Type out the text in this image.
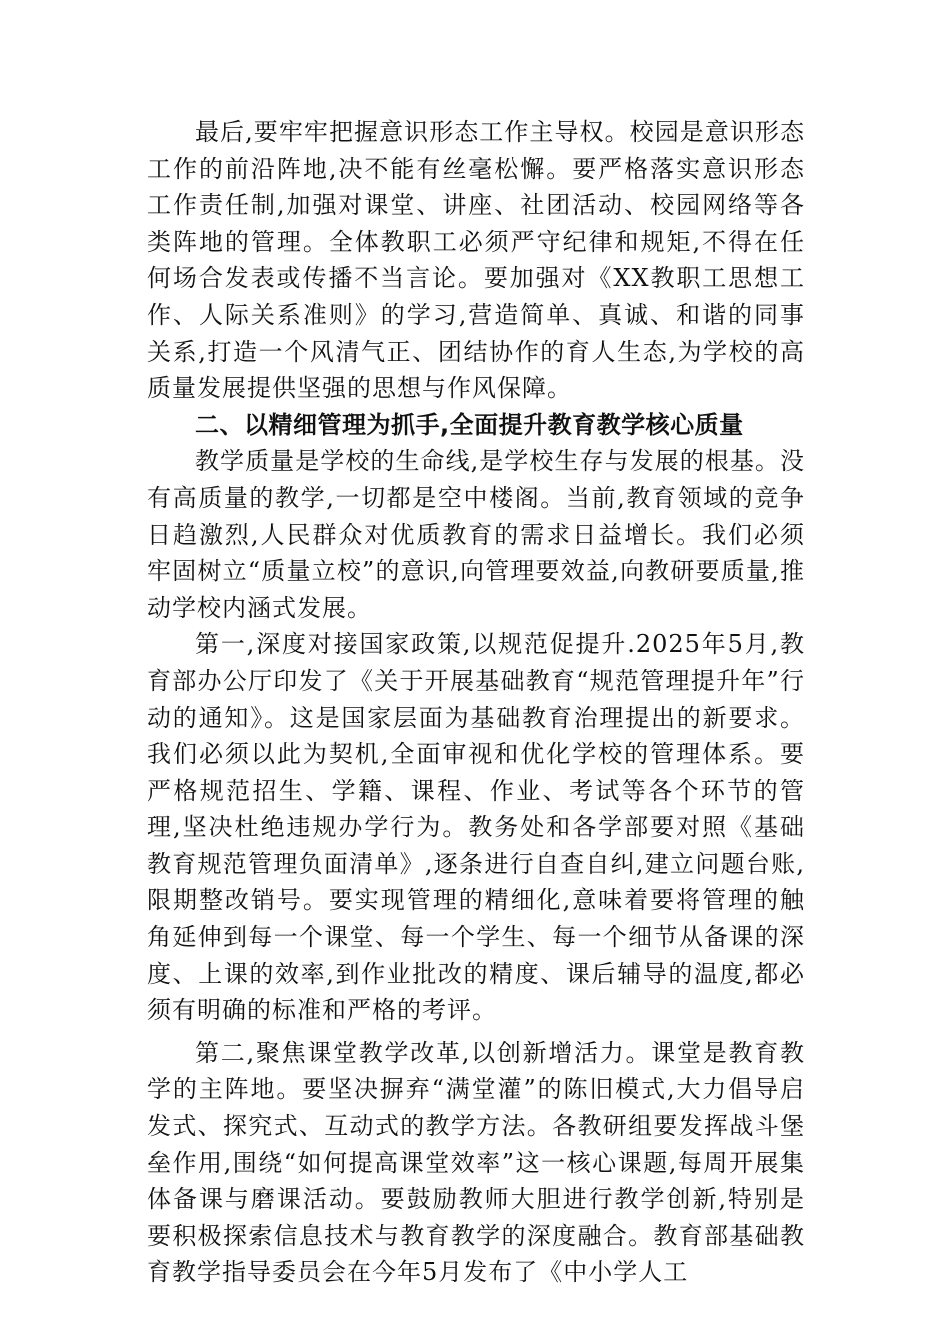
最后,要牢牢把握意识形态工作主导权。校园是意识形态工作的前沿阵地,决不能有丝毫松懈。要严格落实意识形态工作责任制,加强对课堂、讲座、社团活动、校园网络等各类阵地的管理。全体教职工必须严守纪律和规矩,不得在任何场合发表或传播不当言论。要加强对《XX教职工思想工作、人际关系准则》的学习,营造简单、真诚、和谐的同事关系,打造一个风清气正、团结协作的育人生态,为学校的高质量发展提供坚强的思想与作风保障。

二、以精细管理为抓手,全面提升教育教学核心质量

教学质量是学校的生命线,是学校生存与发展的根基。没有高质量的教学,一切都是空中楼阁。当前,教育领域的竞争日趋激烈,人民群众对优质教育的需求日益增长。我们必须牢固树立“质量立校”的意识,向管理要效益,向教研要质量,推动学校内涵式发展。

第一,深度对接国家政策,以规范促提升.2025年5月,教育部办公厅印发了《关于开展基础教育“规范管理提升年”行动的通知》。这是国家层面为基础教育治理提出的新要求。我们必须以此为契机,全面审视和优化学校的管理体系。要严格规范招生、学籍、课程、作业、考试等各个环节的管理,坚决杜绝违规办学行为。教务处和各学部要对照《基础教育规范管理负面清单》,逐条进行自查自纠,建立问题台账,限期整改销号。要实现管理的精细化,意味着要将管理的触角延伸到每一个课堂、每一个学生、每一个细节从备课的深度、上课的效率,到作业批改的精度、课后辅导的温度,都必须有明确的标准和严格的考评。

第二,聚焦课堂教学改革,以创新增活力。课堂是教育教学的主阵地。要坚决摒弃“满堂灌”的陈旧模式,大力倡导启发式、探究式、互动式的教学方法。各教研组要发挥战斗堡垒作用,围绕“如何提高课堂效率”这一核心课题,每周开展集体备课与磨课活动。要鼓励教师大胆进行教学创新,特别是要积极探索信息技术与教育教学的深度融合。教育部基础教育教学指导委员会在今年5月发布了《中小学人工
